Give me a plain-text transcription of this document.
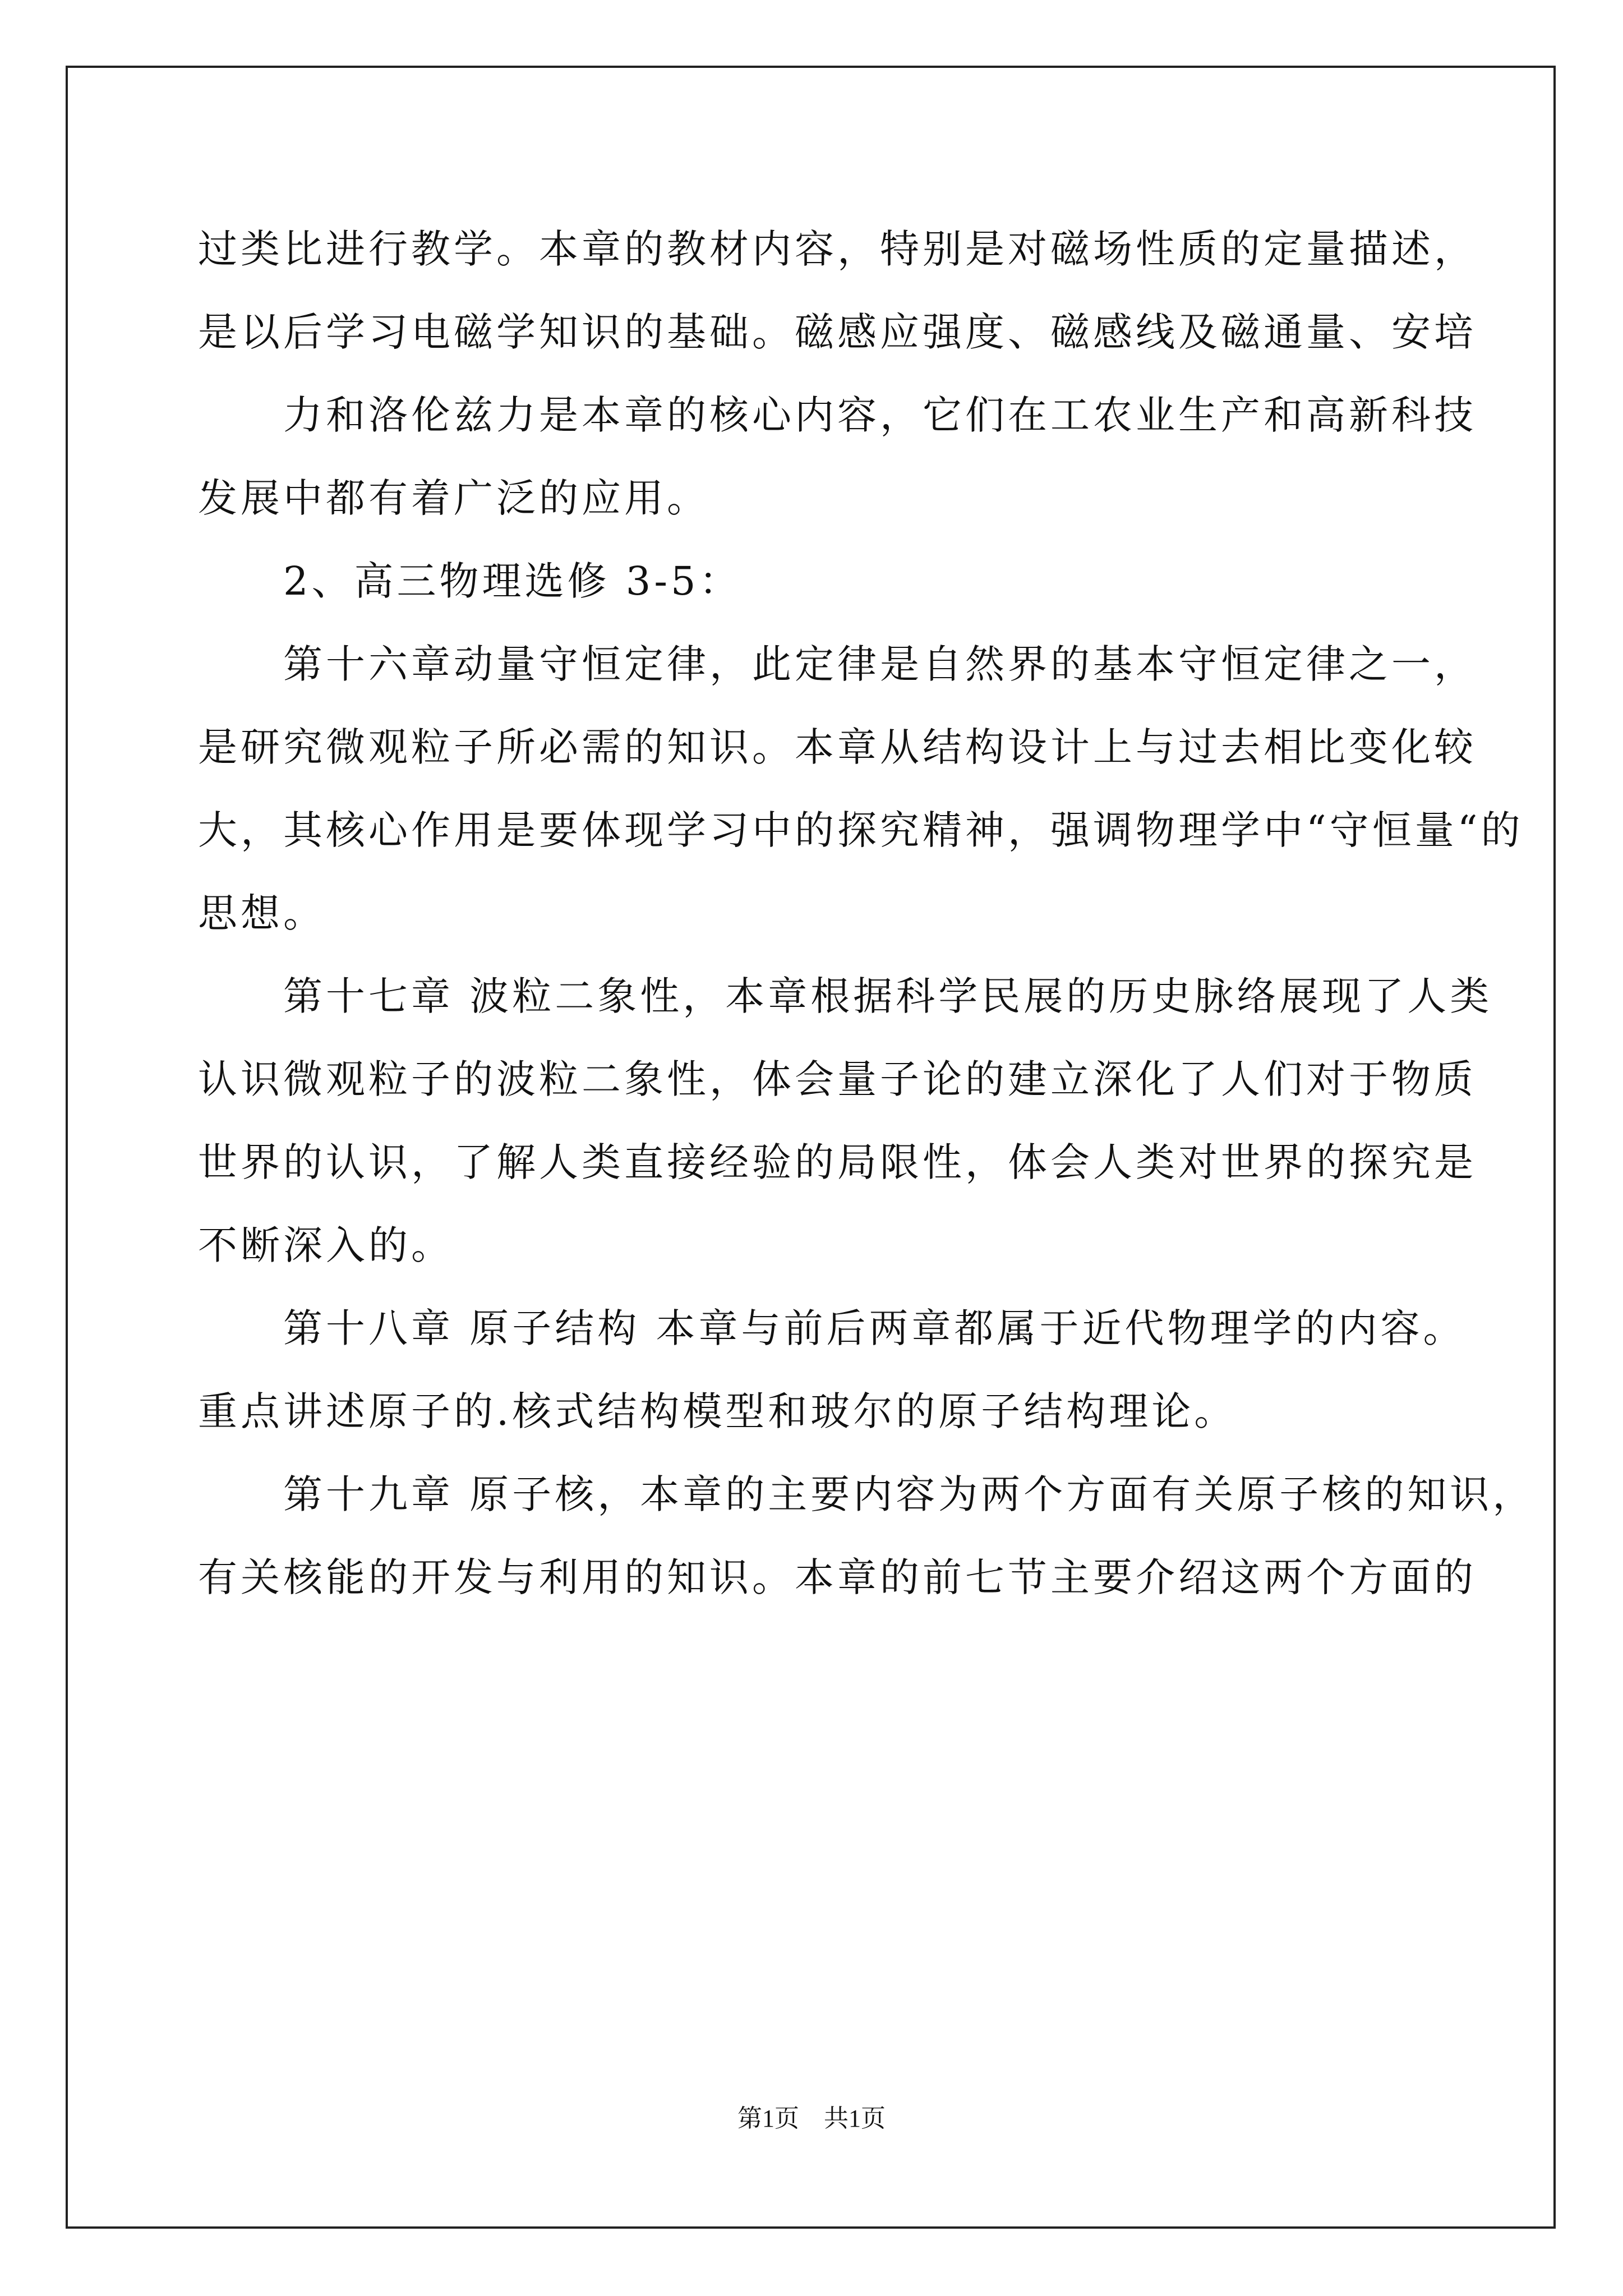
过类比进行教学。本章的教材内容，特别是对磁场性质的定量描述，
是以后学习电磁学知识的基础。磁感应强度、磁感线及磁通量、安培
力和洛伦兹力是本章的核心内容，它们在工农业生产和高新科技
发展中都有着广泛的应用。
2、高三物理选修 3-5：
第十六章动量守恒定律，此定律是自然界的基本守恒定律之一，
是研究微观粒子所必需的知识。本章从结构设计上与过去相比变化较
大，其核心作用是要体现学习中的探究精神，强调物理学中“守恒量“的
思想。
第十七章 波粒二象性，本章根据科学民展的历史脉络展现了人类
认识微观粒子的波粒二象性，体会量子论的建立深化了人们对于物质
世界的认识，了解人类直接经验的局限性，体会人类对世界的探究是
不断深入的。
第十八章 原子结构 本章与前后两章都属于近代物理学的内容。
重点讲述原子的.核式结构模型和玻尔的原子结构理论。
第十九章 原子核，本章的主要内容为两个方面有关原子核的知识，
有关核能的开发与利用的知识。本章的前七节主要介绍这两个方面的
第1页　共1页
